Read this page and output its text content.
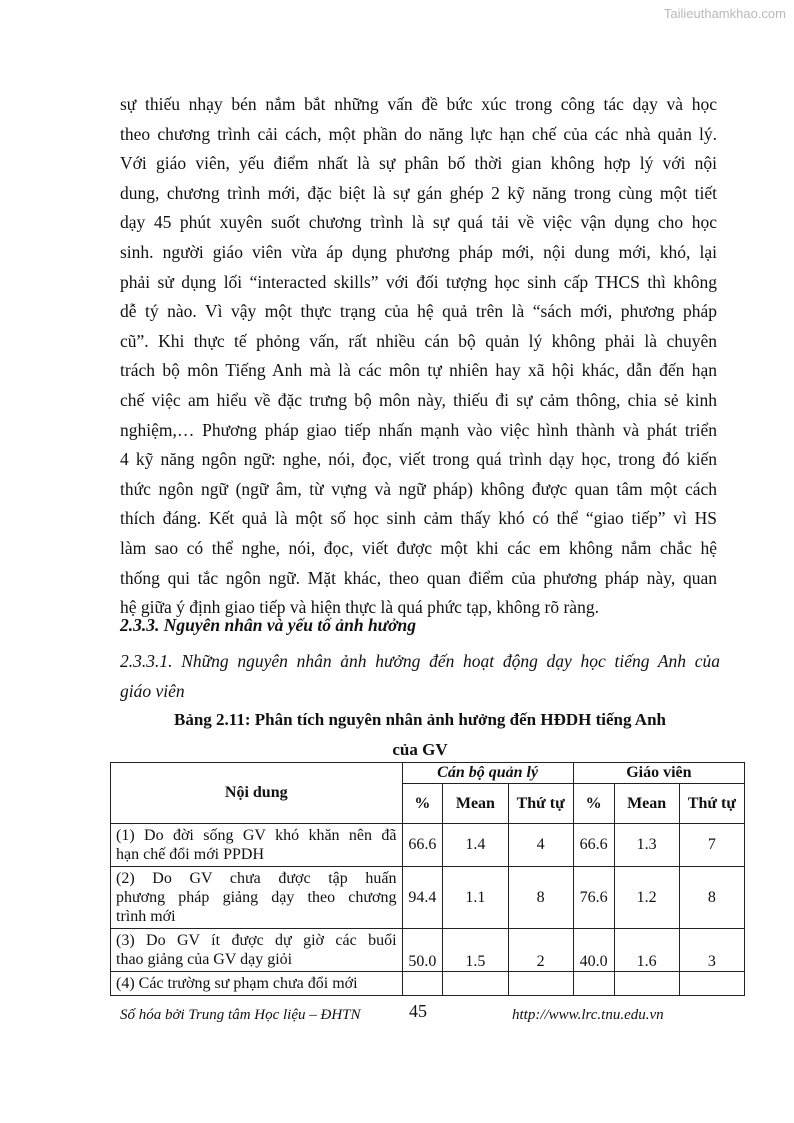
Tailieuthamkhao.com
sự thiếu nhạy bén nắm bắt những vấn đề bức xúc trong công tác dạy và học
theo chương trình cải cách, một phần do năng lực hạn chế của các nhà quản lý.
Với giáo viên, yếu điểm nhất là sự phân bố thời gian không hợp lý với nội
dung, chương trình mới, đặc biệt là sự gán ghép 2 kỹ năng trong cùng một tiết
dạy 45 phút xuyên suốt chương trình là sự quá tải về việc vận dụng cho học
sinh. người giáo viên vừa áp dụng phương pháp mới, nội dung mới, khó, lại
phải sử dụng lối “interacted skills” với đối tượng học sinh cấp THCS thì không
dễ tý nào. Vì vậy một thực trạng của hệ quả trên là “sách mới, phương pháp
cũ”. Khi thực tế phỏng vấn, rất nhiều cán bộ quản lý không phải là chuyên
trách bộ môn Tiếng Anh mà là các môn tự nhiên hay xã hội khác, dẫn đến hạn
chế việc am hiểu về đặc trưng bộ môn này, thiếu đi sự cảm thông, chia sẻ kinh
nghiệm,… Phương pháp giao tiếp nhấn mạnh vào việc hình thành và phát triển
4 kỹ năng ngôn ngữ: nghe, nói, đọc, viết trong quá trình dạy học, trong đó kiến
thức ngôn ngữ (ngữ âm, từ vựng và ngữ pháp) không được quan tâm một cách
thích đáng. Kết quả là một số học sinh cảm thấy khó có thể “giao tiếp” vì HS
làm sao có thể nghe, nói, đọc, viết được một khi các em không nắm chắc hệ
thống qui tắc ngôn ngữ. Mặt khác, theo quan điểm của phương pháp này, quan
hệ giữa ý định giao tiếp và hiện thực là quá phức tạp, không rõ ràng.
2.3.3. Nguyên nhân và yếu tố ảnh hưởng
2.3.3.1. Những nguyên nhân ảnh hưởng đến hoạt động dạy học tiếng Anh của
giáo viên
Bảng 2.11: Phân tích nguyên nhân ảnh hưởng đến HĐDH tiếng Anh
của GV
Nội dung	Cán bộ quản lý			Giáo viên		
	%	Mean	Thứ tự	%	Mean	Thứ tự

(1) Do đời sống GV khó khăn nên đã
hạn chế đổi mới PPDH	66.6	1.4	4	66.6	1.3	7

(2) Do GV chưa được tập huấn
phương pháp giảng dạy theo chương
trình mới	94.4	1.1	8	76.6	1.2	8

(3) Do GV ít được dự giờ các buổi
thao giảng của GV dạy giỏi	50.0	1.5	2	40.0	1.6	3

(4) Các trường sư phạm chưa đổi mới						

Số hóa bởi Trung tâm Học liệu – ĐHTN	45	http://www.lrc.tnu.edu.vn
